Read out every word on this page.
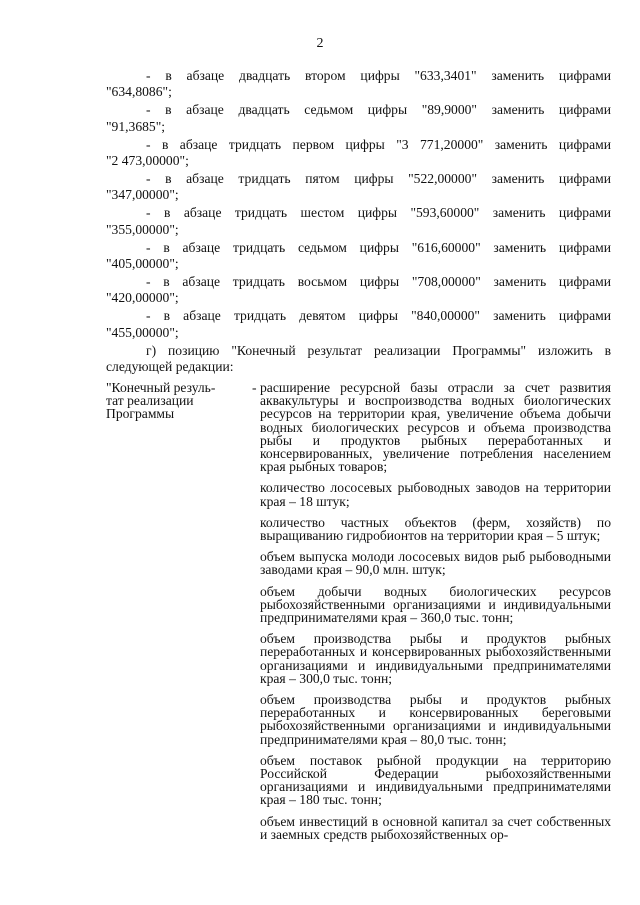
2
- в абзаце двадцать втором цифры "633,3401" заменить цифрами
"634,8086";
- в абзаце двадцать седьмом цифры "89,9000" заменить цифрами
"91,3685";
- в абзаце тридцать первом цифры "3 771,20000" заменить цифрами
"2 473,00000";
- в абзаце тридцать пятом цифры "522,00000" заменить цифрами
"347,00000";
- в абзаце тридцать шестом цифры "593,60000" заменить цифрами
"355,00000";
- в абзаце тридцать седьмом цифры "616,60000" заменить цифрами
"405,00000";
- в абзаце тридцать восьмом цифры "708,00000" заменить цифрами
"420,00000";
- в абзаце тридцать девятом цифры "840,00000" заменить цифрами
"455,00000";
г) позицию "Конечный результат реализации Программы" изложить в
следующей редакции:
"Конечный резуль-
тат реализации
Программы
- расширение ресурсной базы отрасли за счет развития аквакультуры и воспроизводства водных биологических ресурсов на территории края, увеличение объема добычи водных биологических ресурсов и объема производства рыбы и продуктов рыбных переработанных и консервированных, увеличение потребления населением края рыбных товаров;
количество лососевых рыбоводных заводов на территории края – 18 штук;
количество частных объектов (ферм, хозяйств) по выращиванию гидробионтов на территории края – 5 штук;
объем выпуска молоди лососевых видов рыб рыбоводными заводами края – 90,0 млн. штук;
объем добычи водных биологических ресурсов рыбохозяйственными организациями и индивидуальными предпринимателями края – 360,0 тыс. тонн;
объем производства рыбы и продуктов рыбных переработанных и консервированных рыбохозяйственными организациями и индивидуальными предпринимателями края – 300,0 тыс. тонн;
объем производства рыбы и продуктов рыбных переработанных и консервированных береговыми рыбохозяйственными организациями и индивидуальными предпринимателями края – 80,0 тыс. тонн;
объем поставок рыбной продукции на территорию Российской Федерации рыбохозяйственными организациями и индивидуальными предпринимателями края – 180 тыс. тонн;
объем инвестиций в основной капитал за счет собственных и заемных средств рыбохозяйственных ор-
